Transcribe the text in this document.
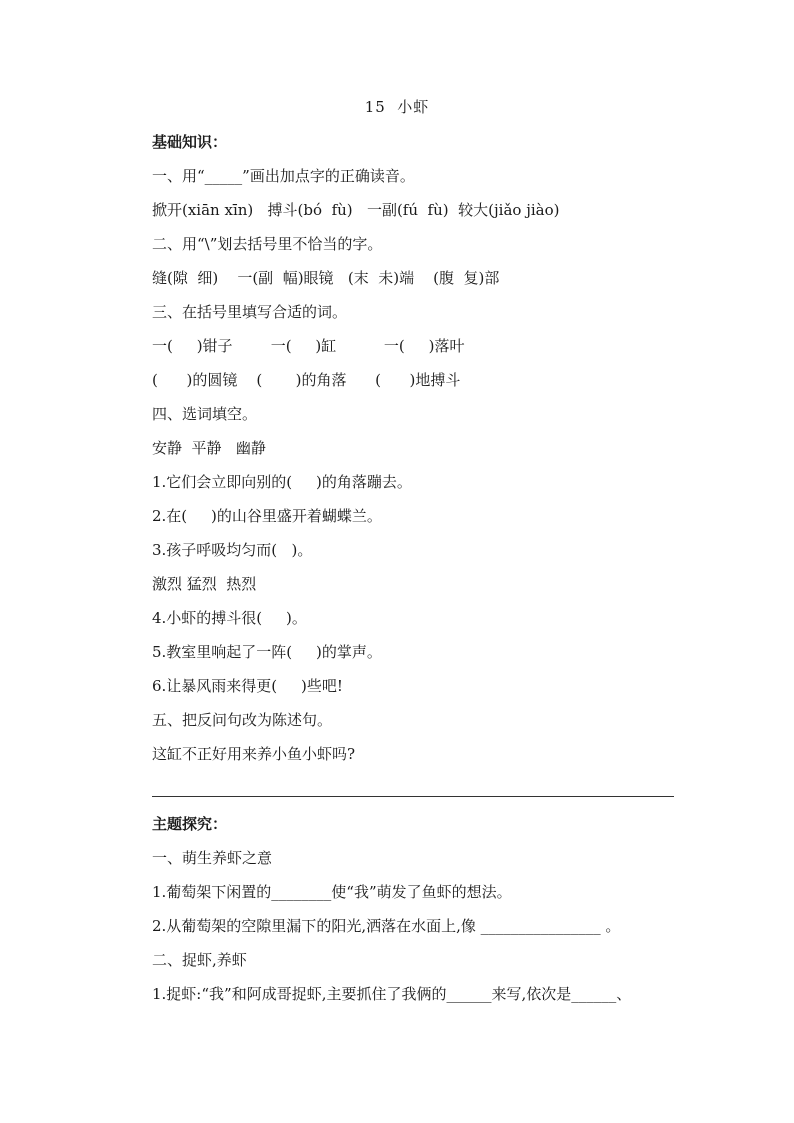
15  小虾
基础知识：
一、用“_____”画出加点字的正确读音。
掀开(xiān xīn)   搏斗(bó  fù)   一副(fú  fù)  较大(jiǎo jiào)
二、用“\”划去括号里不恰当的字。
缝(隙  细)    一(副  幅)眼镜   (末  未)端    (腹  复)部
三、在括号里填写合适的词。
一(     )钳子        一(     )缸          一(     )落叶
(      )的圆镜    (       )的角落      (      )地搏斗
四、选词填空。
安静  平静   幽静
1.它们会立即向别的(     )的角落蹦去。
2.在(     )的山谷里盛开着蝴蝶兰。
3.孩子呼吸均匀而(   )。
激烈 猛烈  热烈
4.小虾的搏斗很(     )。
5.教室里响起了一阵(     )的掌声。
6.让暴风雨来得更(     )些吧!
五、把反问句改为陈述句。
这缸不正好用来养小鱼小虾吗?
主题探究：
一、萌生养虾之意
1.葡萄架下闲置的________使“我”萌发了鱼虾的想法。
2.从葡萄架的空隙里漏下的阳光,洒落在水面上,像 ________________ 。
二、捉虾,养虾
1.捉虾:“我”和阿成哥捉虾,主要抓住了我俩的______来写,依次是______、
